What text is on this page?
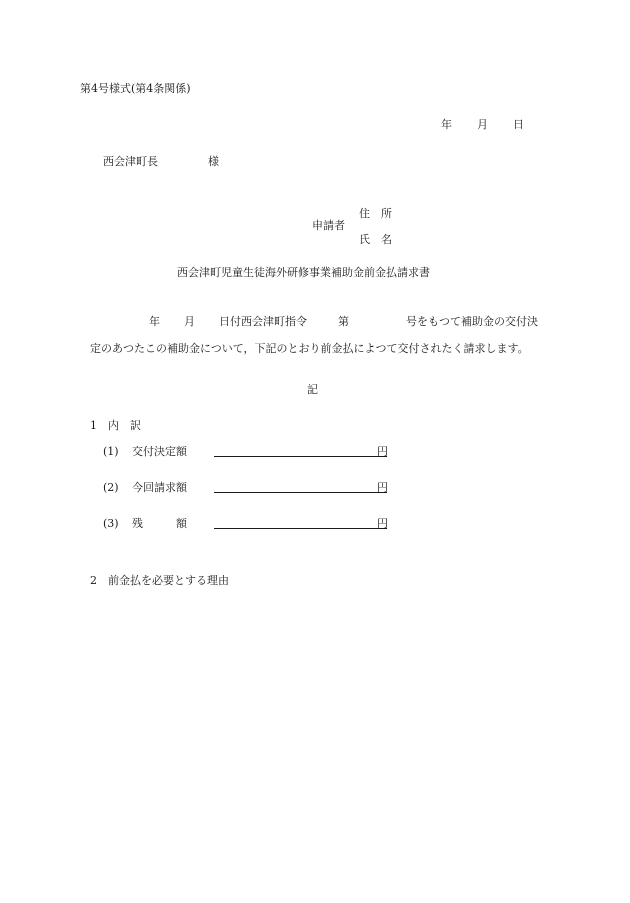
第4号様式(第4条関係)
年 月 日
西会津町長	様
申請者
住　所
氏　名
西会津町児童生徒海外研修事業補助金前金払請求書
年 月 日付西会津町指令	第	号をもつて補助金の交付決
定のあつたこの補助金について，下記のとおり前金払によつて交付されたく請求します。
記
1　内　訳
(1) 交付決定額	円
(2) 今回請求額	円
(3) 残　　　額	円
2　前金払を必要とする理由
